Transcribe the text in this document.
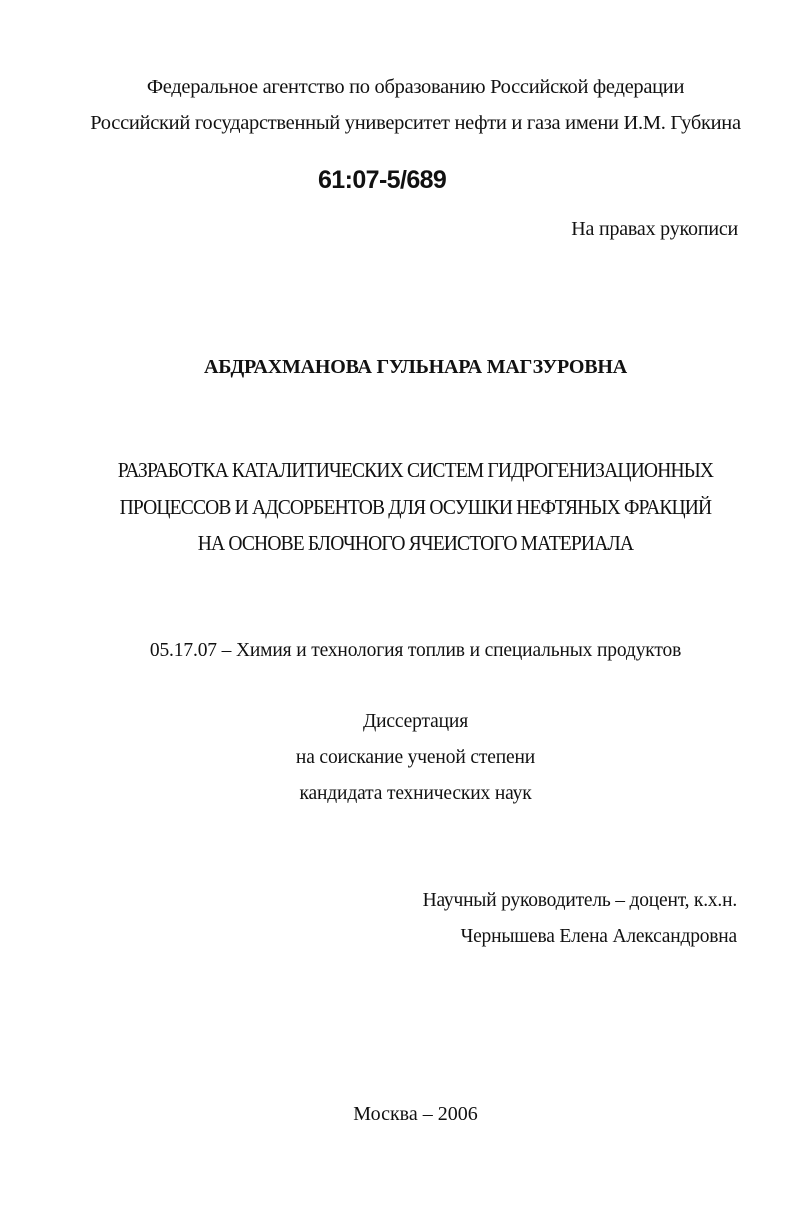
Федеральное агентство по образованию Российской федерации
Российский государственный университет нефти и газа имени И.М. Губкина
61:07-5/689
На правах рукописи
АБДРАХМАНОВА ГУЛЬНАРА МАГЗУРОВНА
РАЗРАБОТКА КАТАЛИТИЧЕСКИХ СИСТЕМ ГИДРОГЕНИЗАЦИОННЫХ
ПРОЦЕССОВ И АДСОРБЕНТОВ ДЛЯ ОСУШКИ НЕФТЯНЫХ ФРАКЦИЙ
НА ОСНОВЕ БЛОЧНОГО ЯЧЕИСТОГО МАТЕРИАЛА
05.17.07 – Химия и технология топлив и специальных продуктов
Диссертация
на соискание ученой степени
кандидата технических наук
Научный руководитель – доцент, к.х.н.
Чернышева Елена Александровна
Москва – 2006
